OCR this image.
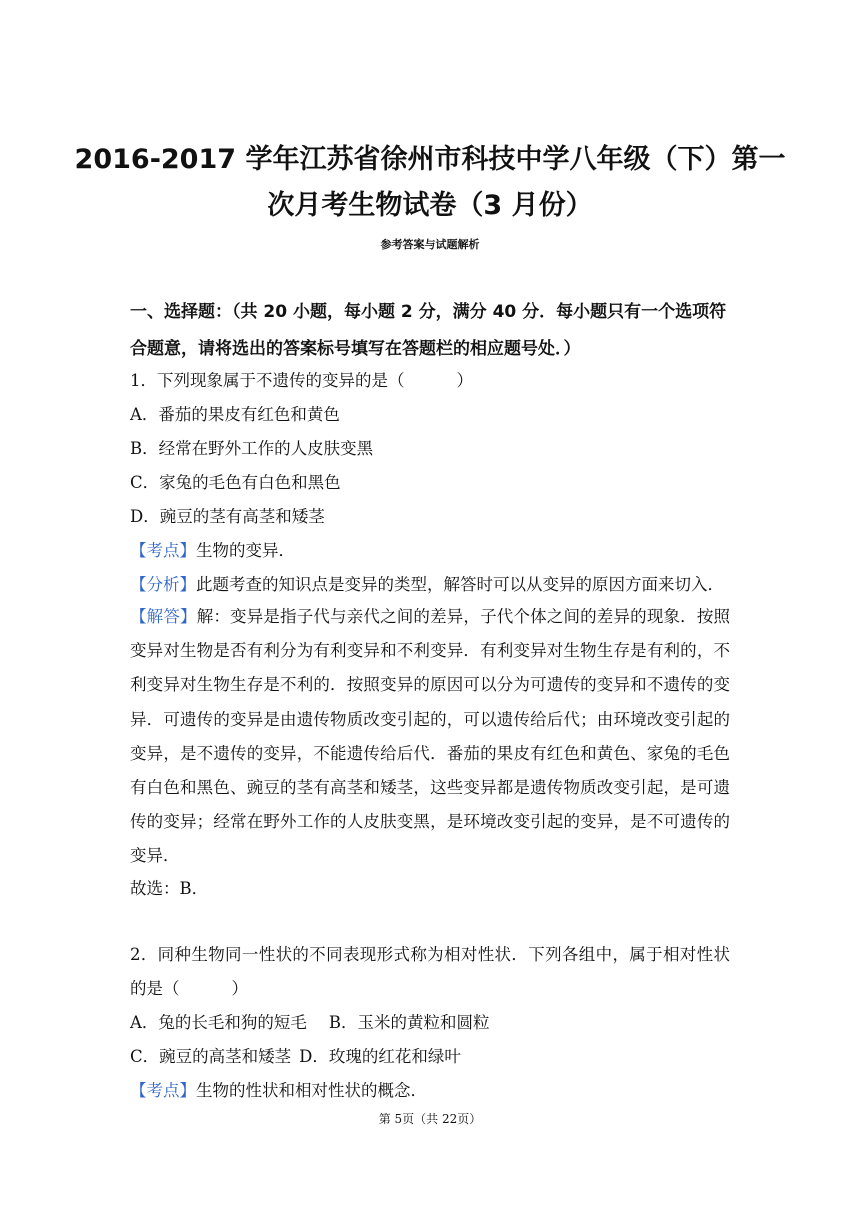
2016-2017 学年江苏省徐州市科技中学八年级（下）第一
次月考生物试卷（3 月份）
参考答案与试题解析
一、选择题：（共 20 小题，每小题 2 分，满分 40 分．每小题只有一个选项符合题意，请将选出的答案标号填写在答题栏的相应题号处．）
1．下列现象属于不遗传的变异的是（	）
A．番茄的果皮有红色和黄色
B．经常在野外工作的人皮肤变黑
C．家兔的毛色有白色和黑色
D．豌豆的茎有高茎和矮茎
【考点】生物的变异．
【分析】此题考查的知识点是变异的类型，解答时可以从变异的原因方面来切入．
【解答】解：变异是指子代与亲代之间的差异，子代个体之间的差异的现象．按照变异对生物是否有利分为有利变异和不利变异．有利变异对生物生存是有利的，不利变异对生物生存是不利的．按照变异的原因可以分为可遗传的变异和不遗传的变异．可遗传的变异是由遗传物质改变引起的，可以遗传给后代；由环境改变引起的变异，是不遗传的变异，不能遗传给后代．番茄的果皮有红色和黄色、家兔的毛色有白色和黑色、豌豆的茎有高茎和矮茎，这些变异都是遗传物质改变引起，是可遗传的变异；经常在野外工作的人皮肤变黑，是环境改变引起的变异，是不可遗传的变异．
故选：B．
2．同种生物同一性状的不同表现形式称为相对性状．下列各组中，属于相对性状的是（	）
A．兔的长毛和狗的短毛 B．玉米的黄粒和圆粒
C．豌豆的高茎和矮茎 D．玫瑰的红花和绿叶
【考点】生物的性状和相对性状的概念．
第 5页（共 22页）
